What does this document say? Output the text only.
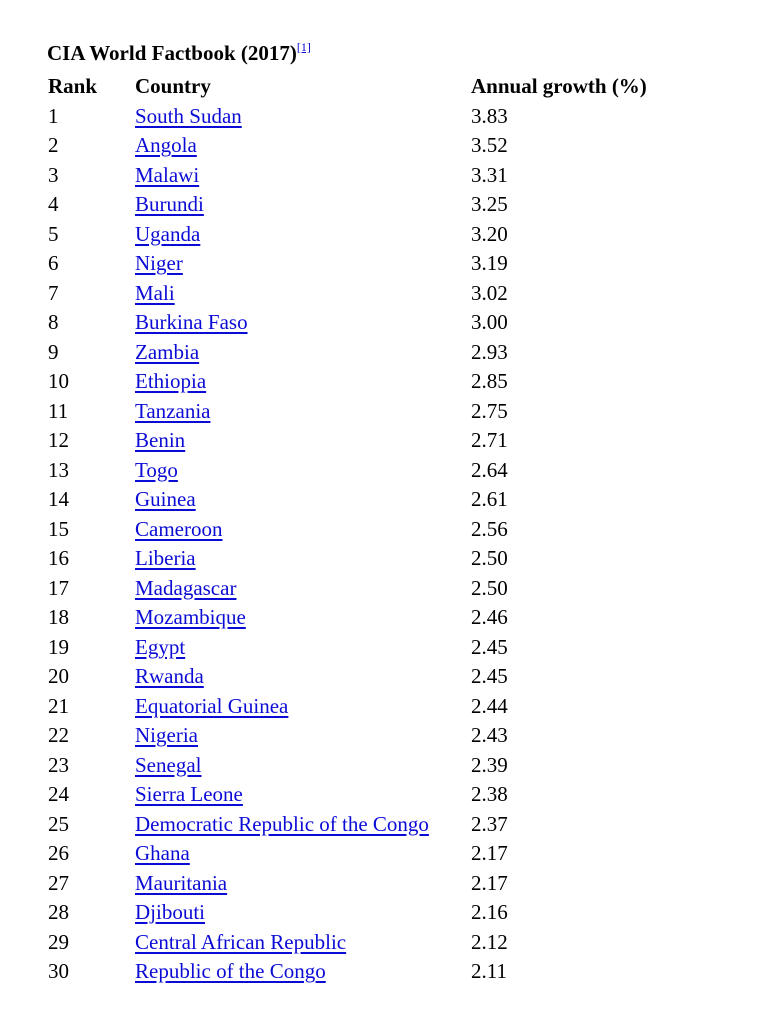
CIA World Factbook (2017)[1]
Rank	Country	Annual growth (%)
1	South Sudan	3.83
2	Angola	3.52
3	Malawi	3.31
4	Burundi	3.25
5	Uganda	3.20
6	Niger	3.19
7	Mali	3.02
8	Burkina Faso	3.00
9	Zambia	2.93
10	Ethiopia	2.85
11	Tanzania	2.75
12	Benin	2.71
13	Togo	2.64
14	Guinea	2.61
15	Cameroon	2.56
16	Liberia	2.50
17	Madagascar	2.50
18	Mozambique	2.46
19	Egypt	2.45
20	Rwanda	2.45
21	Equatorial Guinea	2.44
22	Nigeria	2.43
23	Senegal	2.39
24	Sierra Leone	2.38
25	Democratic Republic of the Congo	2.37
26	Ghana	2.17
27	Mauritania	2.17
28	Djibouti	2.16
29	Central African Republic	2.12
30	Republic of the Congo	2.11
